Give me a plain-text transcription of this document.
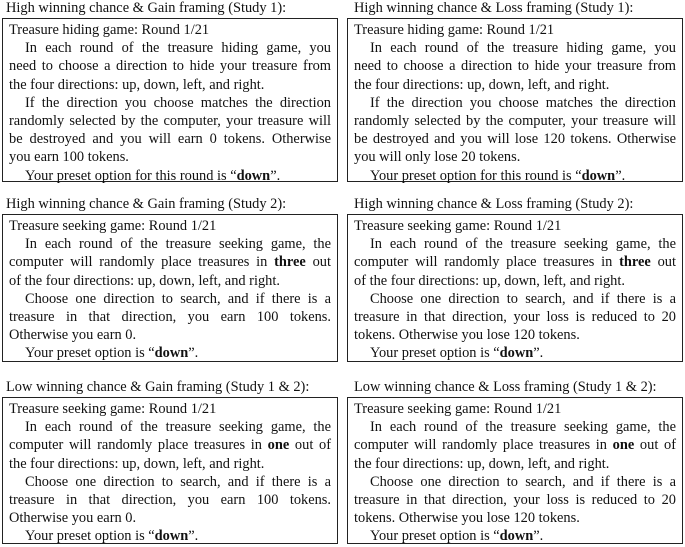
High winning chance & Gain framing (Study 1):
Treasure hiding game: Round 1/21
In each round of the treasure hiding game, you
need to choose a direction to hide your treasure from
the four directions: up, down, left, and right.
If the direction you choose matches the direction
randomly selected by the computer, your treasure will
be destroyed and you will earn 0 tokens. Otherwise
you earn 100 tokens.
Your preset option for this round is “down”.
High winning chance & Loss framing (Study 1):
Treasure hiding game: Round 1/21
In each round of the treasure hiding game, you
need to choose a direction to hide your treasure from
the four directions: up, down, left, and right.
If the direction you choose matches the direction
randomly selected by the computer, your treasure will
be destroyed and you will lose 120 tokens. Otherwise
you will only lose 20 tokens.
Your preset option for this round is “down”.
High winning chance & Gain framing (Study 2):
Treasure seeking game: Round 1/21
In each round of the treasure seeking game, the
computer will randomly place treasures in three out
of the four directions: up, down, left, and right.
Choose one direction to search, and if there is a
treasure in that direction, you earn 100 tokens.
Otherwise you earn 0.
Your preset option is “down”.
High winning chance & Loss framing (Study 2):
Treasure seeking game: Round 1/21
In each round of the treasure seeking game, the
computer will randomly place treasures in three out
of the four directions: up, down, left, and right.
Choose one direction to search, and if there is a
treasure in that direction, your loss is reduced to 20
tokens. Otherwise you lose 120 tokens.
Your preset option is “down”.
Low winning chance & Gain framing (Study 1 & 2):
Treasure seeking game: Round 1/21
In each round of the treasure seeking game, the
computer will randomly place treasures in one out of
the four directions: up, down, left, and right.
Choose one direction to search, and if there is a
treasure in that direction, you earn 100 tokens.
Otherwise you earn 0.
Your preset option is “down”.
Low winning chance & Loss framing (Study 1 & 2):
Treasure seeking game: Round 1/21
In each round of the treasure seeking game, the
computer will randomly place treasures in one out of
the four directions: up, down, left, and right.
Choose one direction to search, and if there is a
treasure in that direction, your loss is reduced to 20
tokens. Otherwise you lose 120 tokens.
Your preset option is “down”.
